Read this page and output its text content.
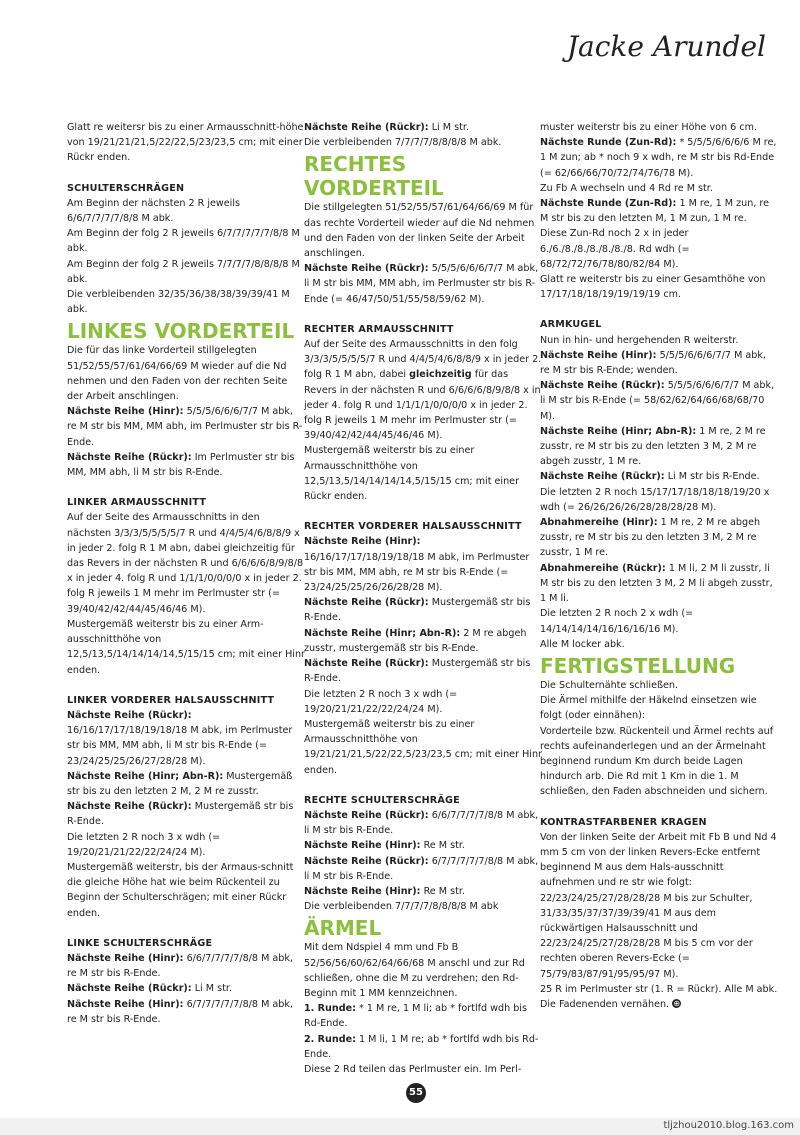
Jacke Arundel

Glatt re weitersr bis zu einer Armausschnitt-höhe von 19/21/21/21,5/22/22,5/23/23,5 cm; mit einer Rückr enden.

SCHULTERSCHRÄGEN

Am Beginn der nächsten 2 R jeweils 6/6/7/7/7/7/8/8 M abk.

Am Beginn der folg 2 R jeweils 6/7/7/7/7/7/8/8 M abk.

Am Beginn der folg 2 R jeweils 7/7/7/7/8/8/8/8 M abk.

Die verbleibenden 32/35/36/38/38/39/39/41 M abk.

LINKES VORDERTEIL

Die für das linke Vorderteil stillgelegten 51/52/55/57/61/64/66/69 M wieder auf die Nd nehmen und den Faden von der rechten Seite der Arbeit anschlingen.

Nächste Reihe (Hinr): 5/5/5/6/6/6/7/7 M abk, re M str bis MM, MM abh, im Perlmuster str bis R-Ende.

Nächste Reihe (Rückr): Im Perlmuster str bis MM, MM abh, li M str bis R-Ende.

LINKER ARMAUSSCHNITT

Auf der Seite des Armausschnitts in den nächsten 3/3/3/5/5/5/5/7 R und 4/4/5/4/6/8/8/9 x in jeder 2. folg R 1 M abn, dabei gleichzeitig für das Revers in der nächsten R und 6/6/6/6/8/9/8/8 x in jeder 4. folg R und 1/1/1/0/0/0/0 x in jeder 2. folg R jeweils 1 M mehr im Perlmuster str (= 39/40/42/42/44/45/46/46 M).

Mustergemäß weiterstr bis zu einer Arm-ausschnitthöhe von 12,5/13,5/14/14/14/14,5/15/15 cm; mit einer Hinr enden.

LINKER VORDERER HALSAUSSCHNITT

Nächste Reihe (Rückr): 16/16/17/17/18/19/18/18 M abk, im Perlmuster str bis MM, MM abh, li M str bis R-Ende (= 23/24/25/25/26/27/28/28 M).

Nächste Reihe (Hinr; Abn-R): Mustergemäß str bis zu den letzten 2 M, 2 M re zusstr.

Nächste Reihe (Rückr): Mustergemäß str bis R-Ende.

Die letzten 2 R noch 3 x wdh (= 19/20/21/21/22/22/24/24 M).

Mustergemäß weiterstr, bis der Armaus-schnitt die gleiche Höhe hat wie beim Rückenteil zu Beginn der Schulterschrägen; mit einer Rückr enden.

LINKE SCHULTERSCHRÄGE

Nächste Reihe (Hinr): 6/6/7/7/7/7/8/8 M abk, re M str bis R-Ende.

Nächste Reihe (Rückr): Li M str.

Nächste Reihe (Hinr): 6/7/7/7/7/7/8/8 M abk, re M str bis R-Ende.

Nächste Reihe (Rückr): Li M str.

Die verbleibenden 7/7/7/7/8/8/8/8 M abk.

RECHTES VORDERTEIL

Die stillgelegten 51/52/55/57/61/64/66/69 M für das rechte Vorderteil wieder auf die Nd nehmen und den Faden von der linken Seite der Arbeit anschlingen.

Nächste Reihe (Rückr): 5/5/5/6/6/6/7/7 M abk, li M str bis MM, MM abh, im Perlmuster str bis R-Ende (= 46/47/50/51/55/58/59/62 M).

RECHTER ARMAUSSCHNITT

Auf der Seite des Armausschnitts in den folg 3/3/3/5/5/5/5/7 R und 4/4/5/4/6/8/8/9 x in jeder 2. folg R 1 M abn, dabei gleichzeitig für das Revers in der nächsten R und 6/6/6/6/8/9/8/8 x in jeder 4. folg R und 1/1/1/1/0/0/0/0 x in jeder 2. folg R jeweils 1 M mehr im Perlmuster str (= 39/40/42/42/44/45/46/46 M).

Mustergemäß weiterstr bis zu einer Armausschnitthöhe von 12,5/13,5/14/14/14/14,5/15/15 cm; mit einer Rückr enden.

RECHTER VORDERER HALSAUSSCHNITT

Nächste Reihe (Hinr): 16/16/17/17/18/19/18/18 M abk, im Perlmuster str bis MM, MM abh, re M str bis R-Ende (= 23/24/25/25/26/26/28/28 M).

Nächste Reihe (Rückr): Mustergemäß str bis R-Ende.

Nächste Reihe (Hinr; Abn-R): 2 M re abgeh zusstr, mustergemäß str bis R-Ende.

Nächste Reihe (Rückr): Mustergemäß str bis R-Ende.

Die letzten 2 R noch 3 x wdh (= 19/20/21/21/22/22/24/24 M).

Mustergemäß weiterstr bis zu einer Armausschnitthöhe von 19/21/21/21,5/22/22,5/23/23,5 cm; mit einer Hinr enden.

RECHTE SCHULTERSCHRÄGE

Nächste Reihe (Rückr): 6/6/7/7/7/7/8/8 M abk, li M str bis R-Ende.

Nächste Reihe (Hinr): Re M str.

Nächste Reihe (Rückr): 6/7/7/7/7/7/8/8 M abk, li M str bis R-Ende.

Nächste Reihe (Hinr): Re M str.

Die verbleibenden 7/7/7/7/8/8/8/8 M abk

ÄRMEL

Mit dem Ndspiel 4 mm und Fb B 52/56/56/60/62/64/66/68 M anschl und zur Rd schließen, ohne die M zu verdrehen; den Rd-Beginn mit 1 MM kennzeichnen.

1. Runde: * 1 M re, 1 M li; ab * fortlfd wdh bis Rd-Ende.

2. Runde: 1 M li, 1 M re; ab * fortlfd wdh bis Rd-Ende.

Diese 2 Rd teilen das Perlmuster ein. Im Perl-

muster weiterstr bis zu einer Höhe von 6 cm.

Nächste Runde (Zun-Rd): * 5/5/5/6/6/6/6 M re, 1 M zun; ab * noch 9 x wdh, re M str bis Rd-Ende (= 62/66/66/70/72/74/76/78 M).

Zu Fb A wechseln und 4 Rd re M str.

Nächste Runde (Zun-Rd): 1 M re, 1 M zun, re M str bis zu den letzten M, 1 M zun, 1 M re.

Diese Zun-Rd noch 2 x in jeder 6./6./8./8./8./8./8./8. Rd wdh (= 68/72/72/76/78/80/82/84 M).

Glatt re weiterstr bis zu einer Gesamthöhe von 17/17/18/18/19/19/19/19 cm.

ARMKUGEL

Nun in hin- und hergehenden R weiterstr.

Nächste Reihe (Hinr): 5/5/5/6/6/6/7/7 M abk, re M str bis R-Ende; wenden.

Nächste Reihe (Rückr): 5/5/5/6/6/6/7/7 M abk, li M str bis R-Ende (= 58/62/62/64/66/68/68/70 M).

Nächste Reihe (Hinr; Abn-R): 1 M re, 2 M re zusstr, re M str bis zu den letzten 3 M, 2 M re abgeh zusstr, 1 M re.

Nächste Reihe (Rückr): Li M str bis R-Ende.

Die letzten 2 R noch 15/17/17/18/18/18/19/20 x wdh (= 26/26/26/26/28/28/28/28 M).

Abnahmereihe (Hinr): 1 M re, 2 M re abgeh zusstr, re M str bis zu den letzten 3 M, 2 M re zusstr, 1 M re.

Abnahmereihe (Rückr): 1 M li, 2 M li zusstr, li M str bis zu den letzten 3 M, 2 M li abgeh zusstr, 1 M li.

Die letzten 2 R noch 2 x wdh (= 14/14/14/14/16/16/16/16 M).

Alle M locker abk.

FERTIGSTELLUNG

Die Schulternähte schließen.

Die Ärmel mithilfe der Häkelnd einsetzen wie folgt (oder einnähen):

Vorderteile bzw. Rückenteil und Ärmel rechts auf rechts aufeinanderlegen und an der Ärmelnaht beginnend rundum Km durch beide Lagen hindurch arb. Die Rd mit 1 Km in die 1. M schließen, den Faden abschneiden und sichern.

KONTRASTFARBENER KRAGEN

Von der linken Seite der Arbeit mit Fb B und Nd 4 mm 5 cm von der linken Revers-Ecke entfernt beginnend M aus dem Hals-ausschnitt aufnehmen und re str wie folgt: 22/23/24/25/27/28/28/28 M bis zur Schulter, 31/33/35/37/37/39/39/41 M aus dem rückwärtigen Halsausschnitt und 22/23/24/25/27/28/28/28 M bis 5 cm vor der rechten oberen Revers-Ecke (= 75/79/83/87/91/95/95/97 M).

25 R im Perlmuster str (1. R = Rückr). Alle M abk.

Die Fadenenden vernähen. ⊕

55
tljzhou2010.blog.163.com
